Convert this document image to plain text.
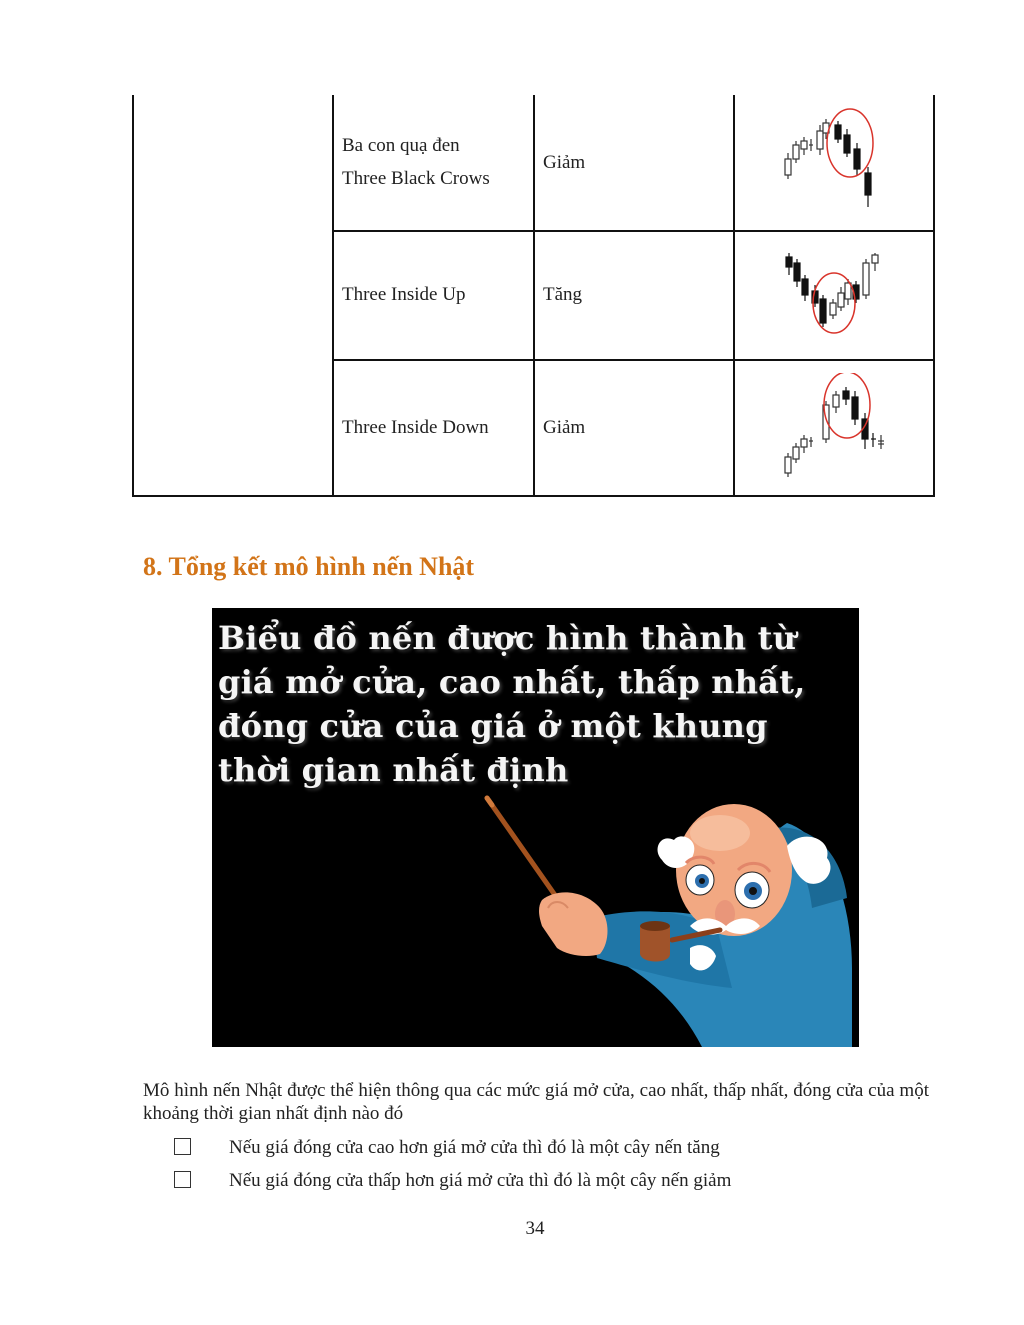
Ba con quạ đen
Three Black Crows
Giảm
Three Inside Up	Tăng
Three Inside Down	Giảm
8. Tổng kết mô hình nến Nhật
Biểu đồ nến được hình thành từ giá mở cửa, cao nhất, thấp nhất, đóng cửa của giá ở một khung thời gian nhất định
Mô hình nến Nhật được thể hiện thông qua các mức giá mở cửa, cao nhất, thấp nhất, đóng cửa của một khoảng thời gian nhất định nào đó
Nếu giá đóng cửa cao hơn giá mở cửa thì đó là một cây nến tăng
Nếu giá đóng cửa thấp hơn giá mở cửa thì đó là một cây nến giảm
34
